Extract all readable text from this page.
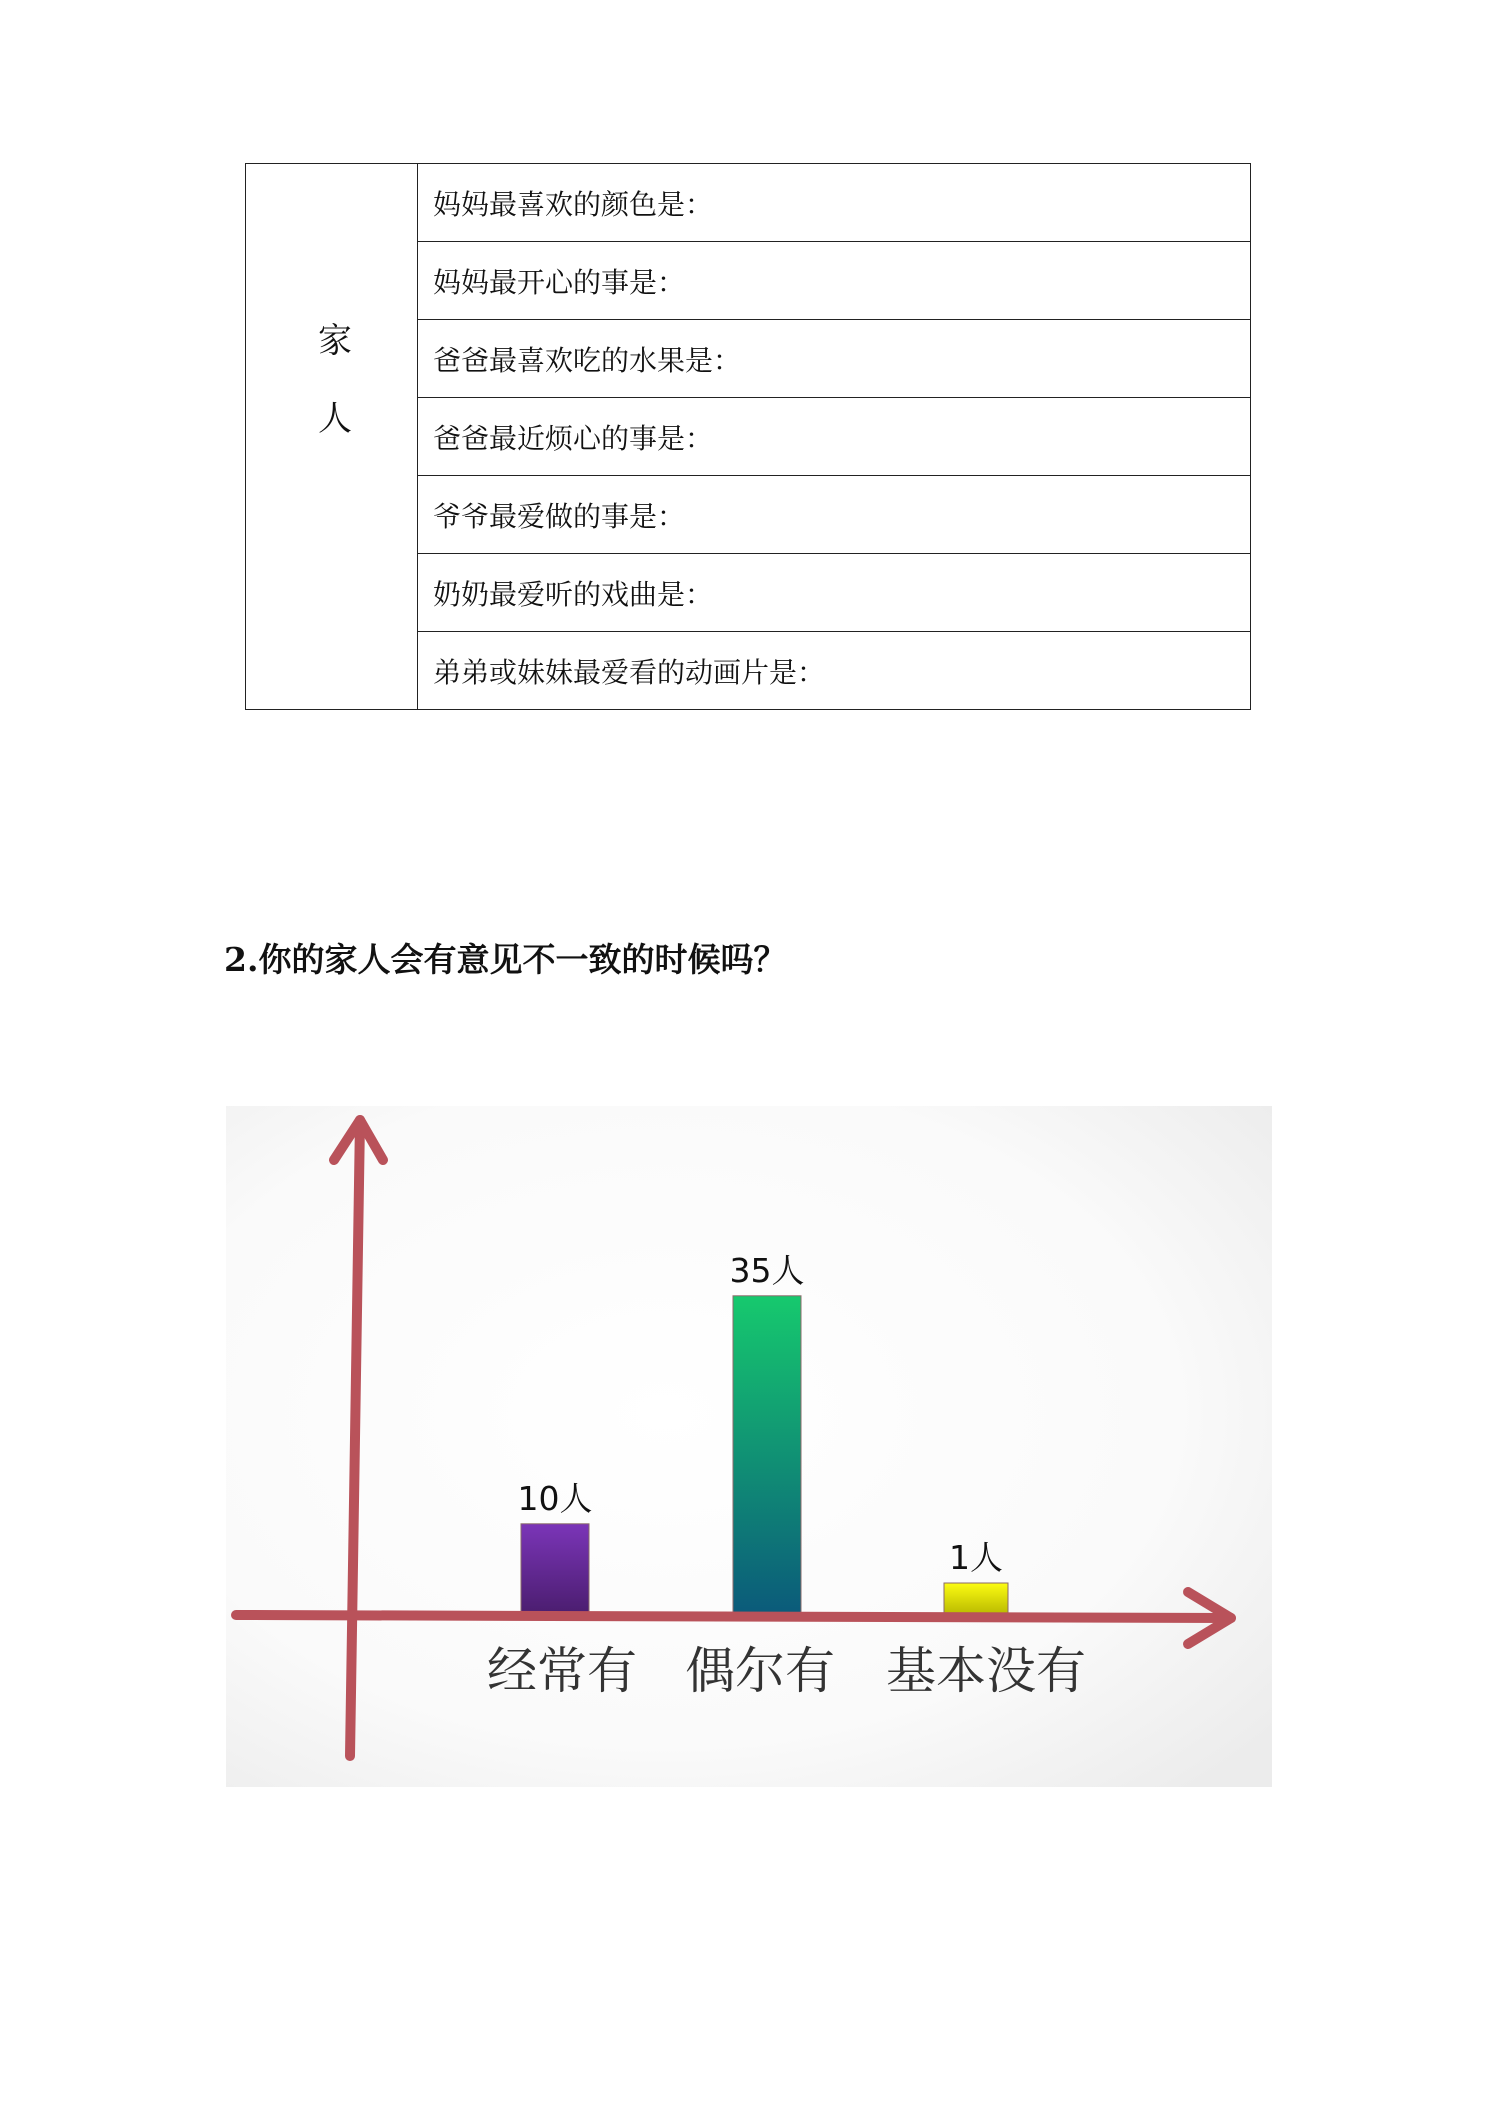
家人	妈妈最喜欢的颜色是：
妈妈最开心的事是：
爸爸最喜欢吃的水果是：
爸爸最近烦心的事是：
爷爷最爱做的事是：
奶奶最爱听的戏曲是：
弟弟或妹妹最爱看的动画片是：
2.你的家人会有意见不一致的时候吗？
10人
35人
1人
经常有 偶尔有 基本没有
